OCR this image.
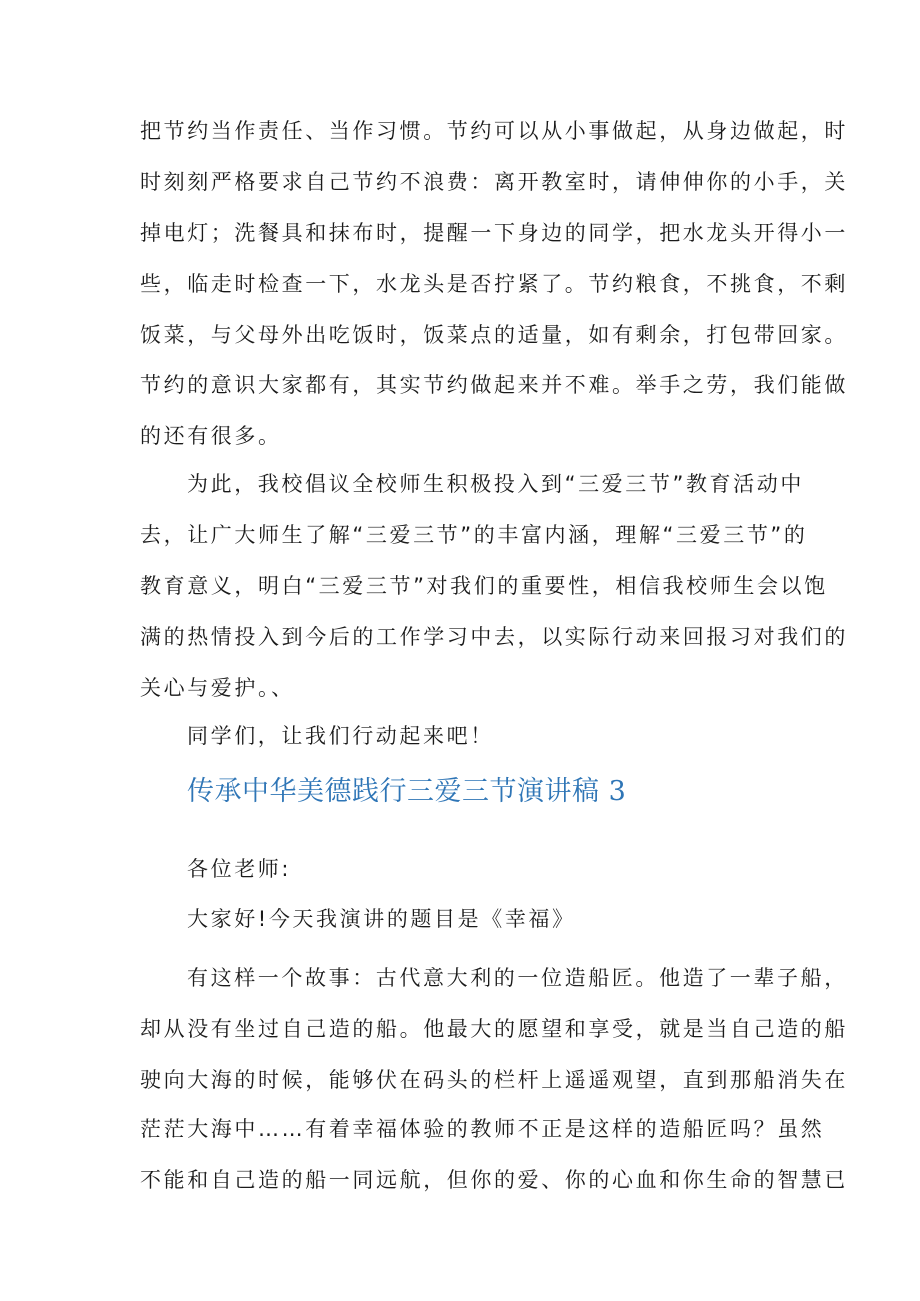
把节约当作责任、当作习惯。节约可以从小事做起，从身边做起，时
时刻刻严格要求自己节约不浪费：离开教室时，请伸伸你的小手，关
掉电灯；洗餐具和抹布时，提醒一下身边的同学，把水龙头开得小一
些，临走时检查一下，水龙头是否拧紧了。节约粮食，不挑食，不剩
饭菜，与父母外出吃饭时，饭菜点的适量，如有剩余，打包带回家。
节约的意识大家都有，其实节约做起来并不难。举手之劳，我们能做
的还有很多。
为此，我校倡议全校师生积极投入到“三爱三节”教育活动中
去，让广大师生了解“三爱三节”的丰富内涵，理解“三爱三节”的
教育意义，明白“三爱三节”对我们的重要性，相信我校师生会以饱
满的热情投入到今后的工作学习中去，以实际行动来回报习对我们的
关心与爱护。、
同学们，让我们行动起来吧！
传承中华美德践行三爱三节演讲稿 3
各位老师:
大家好!今天我演讲的题目是《幸福》
有这样一个故事：古代意大利的一位造船匠。他造了一辈子船，
却从没有坐过自己造的船。他最大的愿望和享受，就是当自己造的船
驶向大海的时候，能够伏在码头的栏杆上遥遥观望，直到那船消失在
茫茫大海中……有着幸福体验的教师不正是这样的造船匠吗？虽然
不能和自己造的船一同远航，但你的爱、你的心血和你生命的智慧已
